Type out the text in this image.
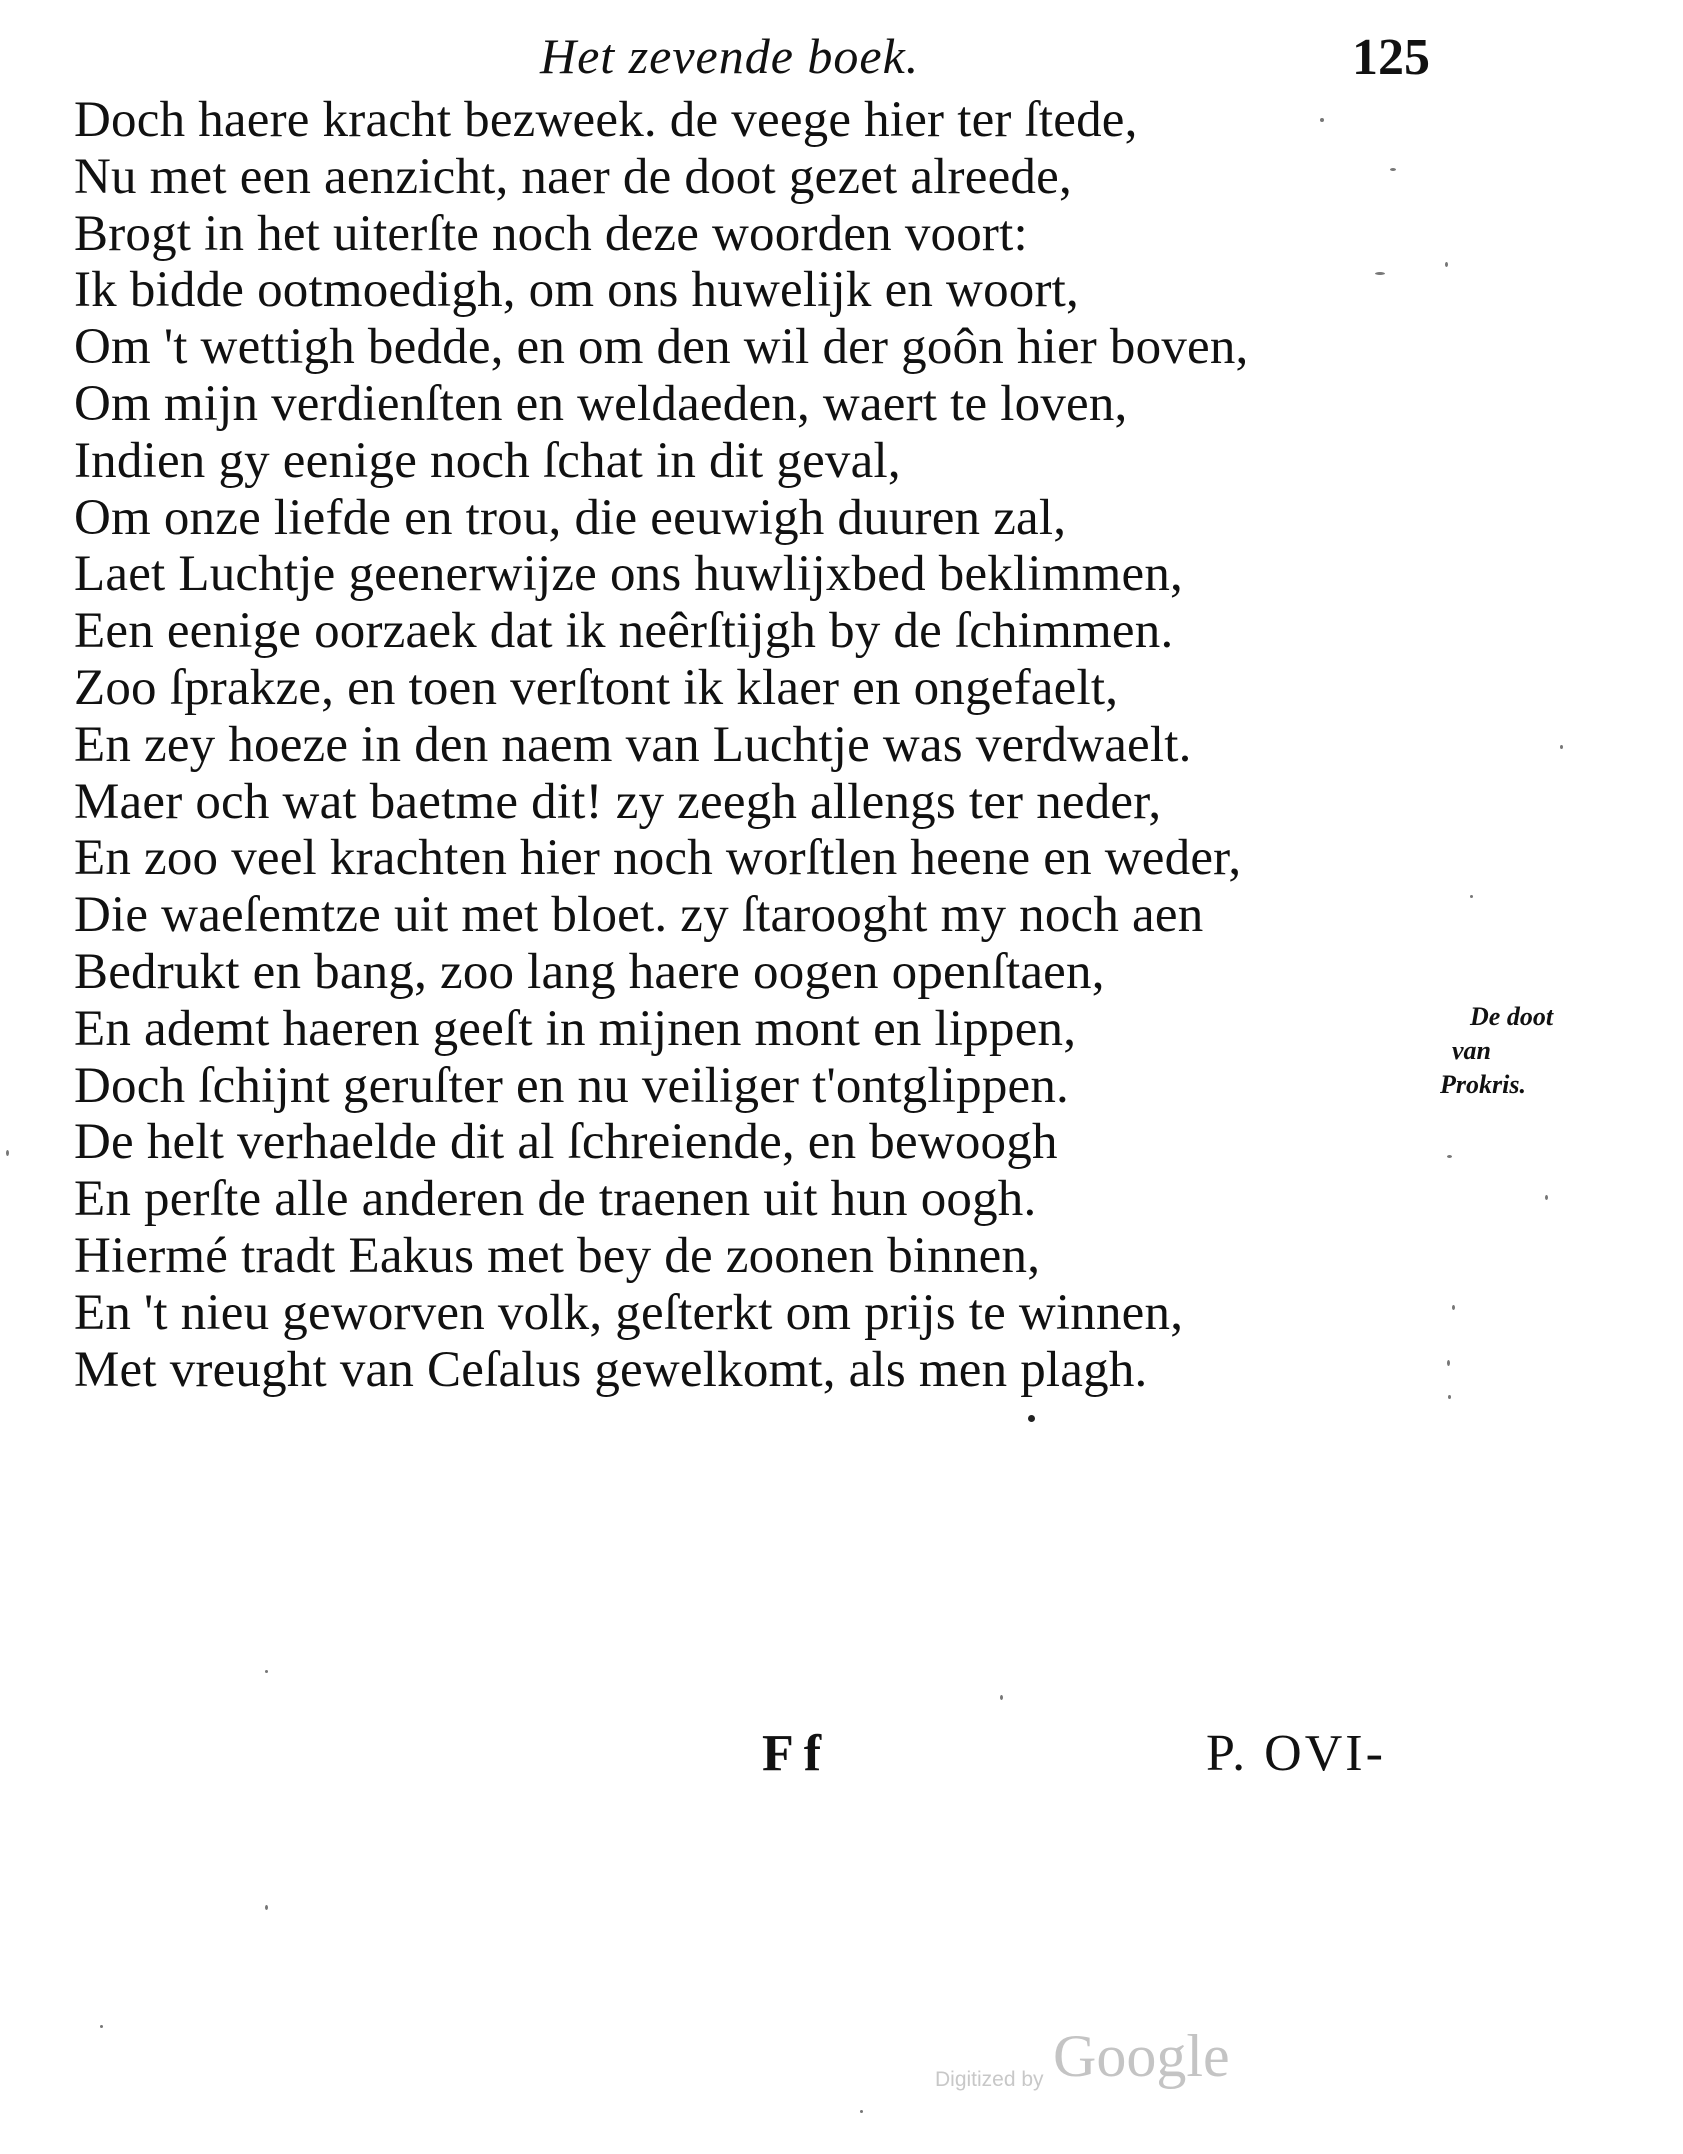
Het zevende boek.	125
Doch haere kracht bezweek. de veege hier ter ſtede,
Nu met een aenzicht, naer de doot gezet alreede,
Brogt in het uiterſte noch deze woorden voort:
Ik bidde ootmoedigh, om ons huwelijk en woort,
Om 't wettigh bedde, en om den wil der goôn hier boven,
Om mijn verdienſten en weldaeden, waert te loven,
Indien gy eenige noch ſchat in dit geval,
Om onze liefde en trou, die eeuwigh duuren zal,
Laet Luchtje geenerwijze ons huwlijxbed beklimmen,
Een eenige oorzaek dat ik neêrſtijgh by de ſchimmen.
Zoo ſprakze, en toen verſtont ik klaer en ongefaelt,
En zey hoeze in den naem van Luchtje was verdwaelt.
Maer och wat baetme dit! zy zeegh allengs ter neder,
En zoo veel krachten hier noch worſtlen heene en weder,
Die waeſemtze uit met bloet. zy ſtarooght my noch aen
Bedrukt en bang, zoo lang haere oogen openſtaen,
En ademt haeren geeſt in mijnen mont en lippen,
Doch ſchijnt geruſter en nu veiliger t'ontglippen.
De helt verhaelde dit al ſchreiende, en bewoogh
En perſte alle anderen de traenen uit hun oogh.
Hiermé tradt Eakus met bey de zoonen binnen,
En 't nieu geworven volk, geſterkt om prijs te winnen,
Met vreught van Ceſalus gewelkomt, als men plagh.
De doot
van
Prokris.
Ff	P. OVI-
Digitized by Google
